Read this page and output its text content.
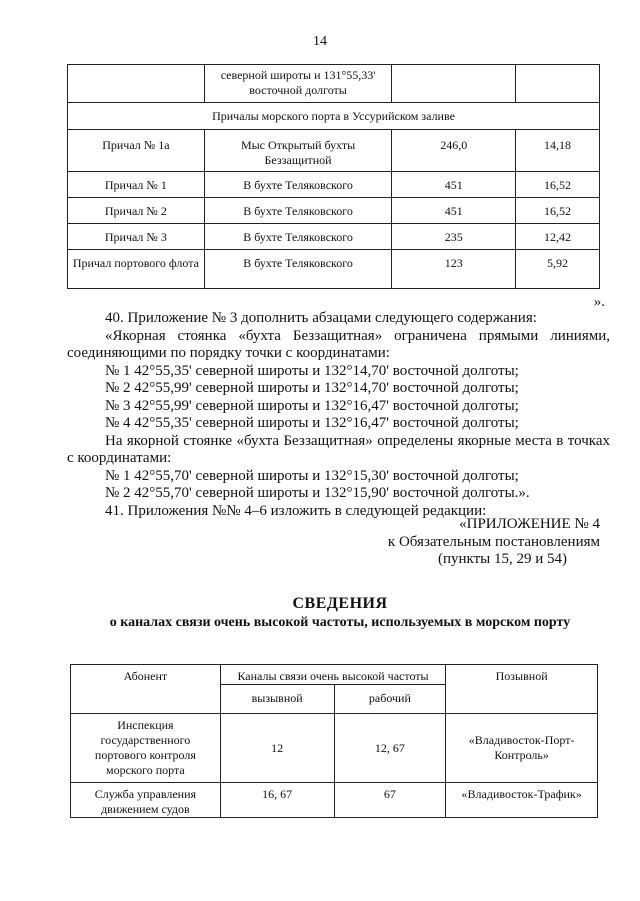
14
	северной широты и 131°55,33' восточной долготы		
Причалы морского порта в Уссурийском заливе			
Причал № 1а	Мыс Открытый бухты Беззащитной	246,0	14,18
Причал № 1	В бухте Теляковского	451	16,52
Причал № 2	В бухте Теляковского	451	16,52
Причал № 3	В бухте Теляковского	235	12,42
Причал портового флота	В бухте Теляковского	123	5,92
».

40. Приложение № 3 дополнить абзацами следующего содержания:

«Якорная стоянка «бухта Беззащитная» ограничена прямыми линиями, соединяющими по порядку точки с координатами:

№ 1 42°55,35' северной широты и 132°14,70' восточной долготы;

№ 2 42°55,99' северной широты и 132°14,70' восточной долготы;

№ 3 42°55,99' северной широты и 132°16,47' восточной долготы;

№ 4 42°55,35' северной широты и 132°16,47' восточной долготы;

На якорной стоянке «бухта Беззащитная» определены якорные места в точках с координатами:

№ 1 42°55,70' северной широты и 132°15,30' восточной долготы;

№ 2 42°55,70' северной широты и 132°15,90' восточной долготы.».

41. Приложения №№ 4–6 изложить в следующей редакции:

«ПРИЛОЖЕНИЕ № 4
к Обязательным постановлениям
(пункты 15, 29 и 54)
СВЕДЕНИЯ
о каналах связи очень высокой частоты, используемых в морском порту
Абонент	Каналы связи очень высокой частоты		Позывной
	вызывной	рабочий	
Инспекция государственного портового контроля морского порта	12	12, 67	«Владивосток-Порт-Контроль»
Служба управления движением судов	16, 67	67	«Владивосток-Трафик»
